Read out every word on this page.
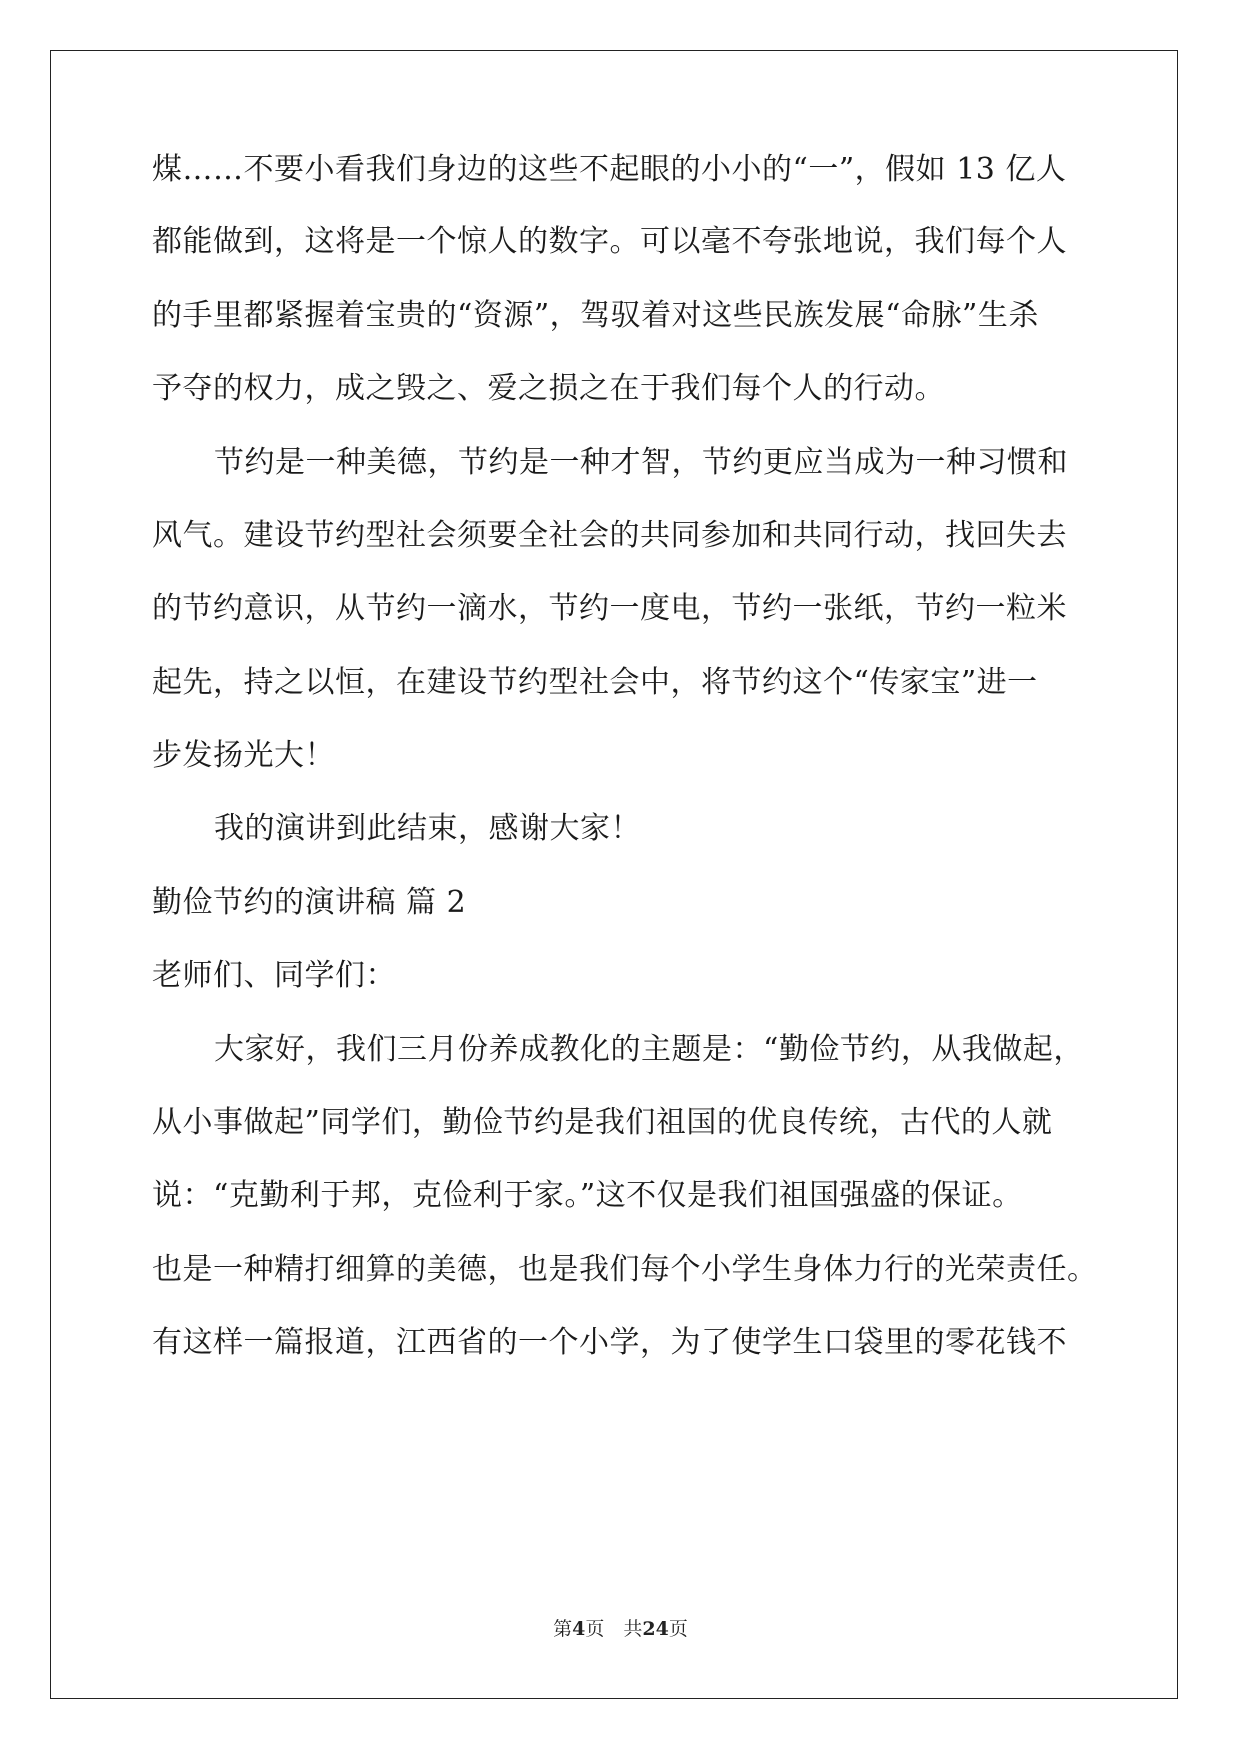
煤……不要小看我们身边的这些不起眼的小小的“一”，假如 13 亿人
都能做到，这将是一个惊人的数字。可以毫不夸张地说，我们每个人
的手里都紧握着宝贵的“资源”，驾驭着对这些民族发展“命脉”生杀
予夺的权力，成之毁之、爱之损之在于我们每个人的行动。
节约是一种美德，节约是一种才智，节约更应当成为一种习惯和
风气。建设节约型社会须要全社会的共同参加和共同行动，找回失去
的节约意识，从节约一滴水，节约一度电，节约一张纸，节约一粒米
起先，持之以恒，在建设节约型社会中，将节约这个“传家宝”进一
步发扬光大！
我的演讲到此结束，感谢大家！
勤俭节约的演讲稿 篇 2
老师们、同学们：
大家好，我们三月份养成教化的主题是：“勤俭节约，从我做起，
从小事做起”同学们，勤俭节约是我们祖国的优良传统，古代的人就
说：“克勤利于邦，克俭利于家。”这不仅是我们祖国强盛的保证。
也是一种精打细算的美德，也是我们每个小学生身体力行的光荣责任。
有这样一篇报道，江西省的一个小学，为了使学生口袋里的零花钱不
第4页　共24页
